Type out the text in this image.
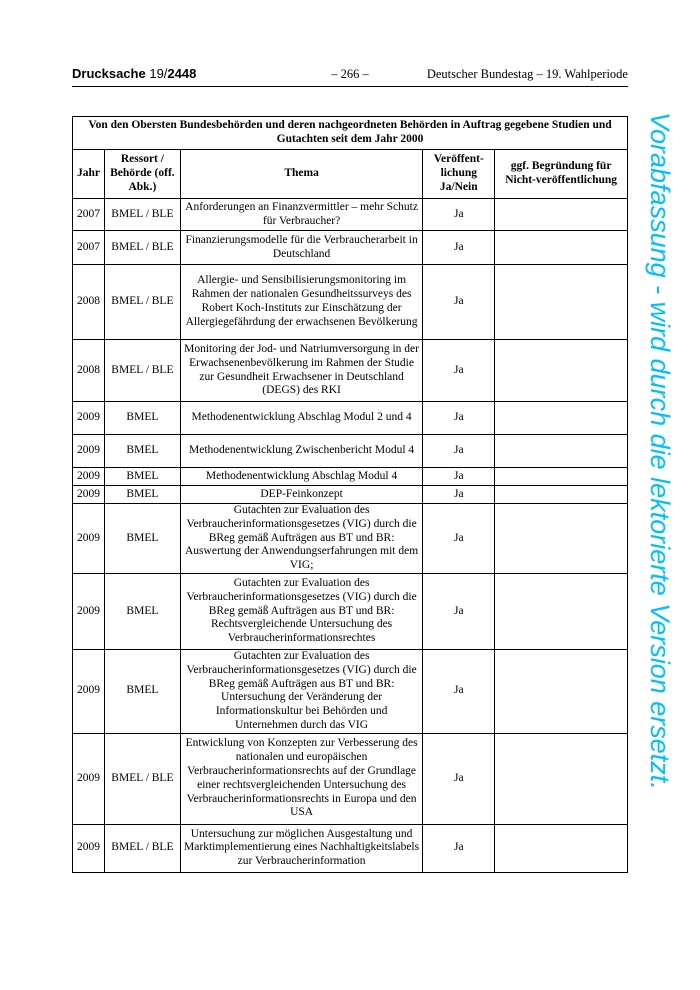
Drucksache 19/2448	– 266 –	Deutscher Bundestag – 19. Wahlperiode
Von den Obersten Bundesbehörden und deren nachgeordneten Behörden in Auftrag gegebene Studien und Gutachten seit dem Jahr 2000				
Jahr	Ressort / Behörde (off. Abk.)	Thema	Veröffent-lichung Ja/Nein	ggf. Begründung für Nicht-veröffentlichung
2007	BMEL / BLE	Anforderungen an Finanzvermittler – mehr Schutz für Verbraucher?	Ja	
2007	BMEL / BLE	Finanzierungsmodelle für die Verbraucherarbeit in Deutschland	Ja	
2008	BMEL / BLE	Allergie- und Sensibilisierungsmonitoring im Rahmen der nationalen Gesundheitssurveys des Robert Koch-Instituts zur Einschätzung der Allergiegefährdung der erwachsenen Bevölkerung	Ja	
2008	BMEL / BLE	Monitoring der Jod- und Natriumversorgung in der Erwachsenenbevölkerung im Rahmen der Studie zur Gesundheit Erwachsener in Deutschland (DEGS) des RKI	Ja	
2009	BMEL	Methodenentwicklung Abschlag Modul 2 und 4	Ja	
2009	BMEL	Methodenentwicklung Zwischenbericht Modul 4	Ja	
2009	BMEL	Methodenentwicklung Abschlag Modul 4	Ja	
2009	BMEL	DEP-Feinkonzept	Ja	
2009	BMEL	Gutachten zur Evaluation des Verbraucherinformationsgesetzes (VIG) durch die BReg gemäß Aufträgen aus BT und BR: Auswertung der Anwendungserfahrungen mit dem VIG;	Ja	
2009	BMEL	Gutachten zur Evaluation des Verbraucherinformationsgesetzes (VIG) durch die BReg gemäß Aufträgen aus BT und BR: Rechtsvergleichende Untersuchung des Verbraucherinformationsrechtes	Ja	
2009	BMEL	Gutachten zur Evaluation des Verbraucherinformationsgesetzes (VIG) durch die BReg gemäß Aufträgen aus BT und BR: Untersuchung der Veränderung der Informationskultur bei Behörden und Unternehmen durch das VIG	Ja	
2009	BMEL / BLE	Entwicklung von Konzepten zur Verbesserung des nationalen und europäischen Verbraucherinformationsrechts auf der Grundlage einer rechtsvergleichenden Untersuchung des Verbraucherinformationsrechts in Europa und den USA	Ja	
2009	BMEL / BLE	Untersuchung zur möglichen Ausgestaltung und Marktimplementierung eines Nachhaltigkeitslabels zur Verbraucherinformation	Ja	
Vorabfassung - wird durch die lektorierte Version ersetzt.
